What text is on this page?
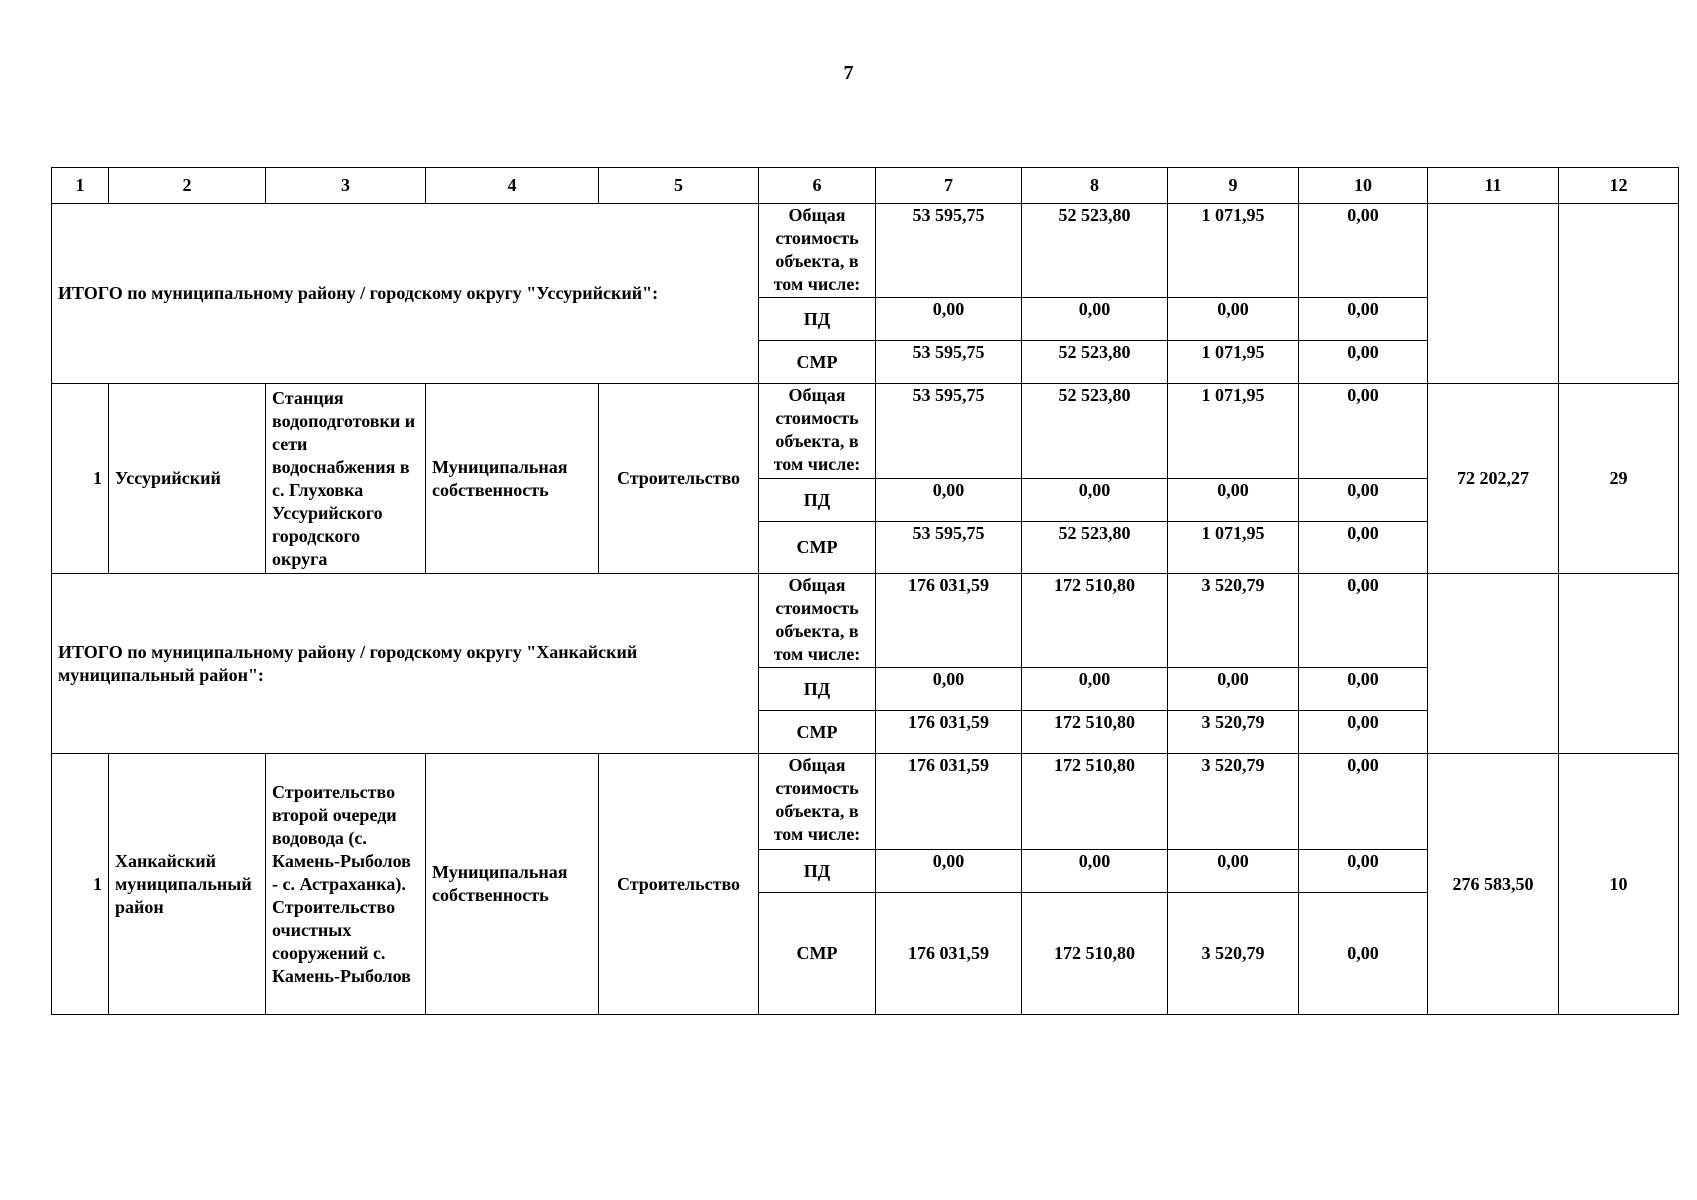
7
1	2	3	4	5	6	7	8	9	10	11	12
ИТОГО по муниципальному району / городскому округу "Уссурийский":					Общая стоимость объекта, в том числе:	53 595,75	52 523,80	1 071,95	0,00		
					ПД	0,00	0,00	0,00	0,00		
					СМР	53 595,75	52 523,80	1 071,95	0,00		
1	Уссурийский	Станция водоподготовки и сети водоснабжения в с. Глуховка Уссурийского городского округа	Муниципальная собственность	Строительство	Общая стоимость объекта, в том числе:	53 595,75	52 523,80	1 071,95	0,00	72 202,27	29
					ПД	0,00	0,00	0,00	0,00		
					СМР	53 595,75	52 523,80	1 071,95	0,00		
ИТОГО по муниципальному району / городскому округу "Ханкайский муниципальный район":					Общая стоимость объекта, в том числе:	176 031,59	172 510,80	3 520,79	0,00		
					ПД	0,00	0,00	0,00	0,00		
					СМР	176 031,59	172 510,80	3 520,79	0,00		
1	Ханкайский муниципальный район	Строительство второй очереди водовода (с. Камень-Рыболов - с. Астраханка). Строительство очистных сооружений с. Камень-Рыболов	Муниципальная собственность	Строительство	Общая стоимость объекта, в том числе:	176 031,59	172 510,80	3 520,79	0,00	276 583,50	10
					ПД	0,00	0,00	0,00	0,00		
					СМР	176 031,59	172 510,80	3 520,79	0,00		
